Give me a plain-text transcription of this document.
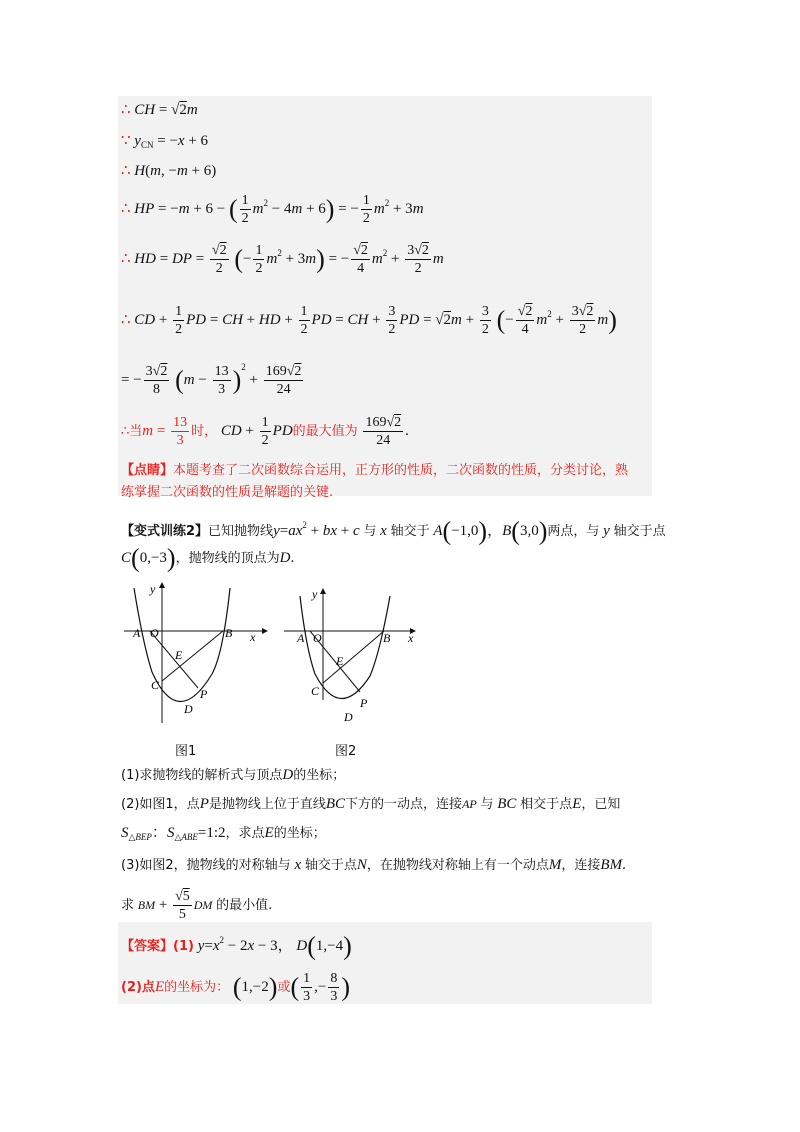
∴ CH = √2m
∵ $y_{CN} = -x + 6$
∴ H(m, −m + 6)
∴ HP = −m + 6 − ( $\frac{1}{2} m^2 - 4m + 6$) = − $\frac{1}{2} m^2 + 3m$
∴ HD = DP = $\frac{√2}{2}$ (− $\frac{1}{2} m^2 + 3m$) = − $\frac{√2}{4} m^2 + \frac{3√2}{2}$ m
∴ CD + $\frac{1}{2}$ PD = CH + HD + $\frac{1}{2}$ PD = CH + $\frac{3}{2}$ PD = $√2m + \frac{3}{2}$ (− $\frac{√2}{4} m^2 + \frac{3√2}{2} m$)
= − $\frac{3√2}{8} (m - \frac{13}{3} )^2 + \frac{169√2}{24}$
∴当$m = \frac{13}{3}$ 时， CD + $\frac{1}{2}$ PD的最大值为 $\frac{169√2}{24}$ .
【点睛】本题考查了二次函数综合运用，正方形的性质，二次函数的性质，分类讨论，熟
练掌握二次函数的性质是解题的关键.
【变式训练2】已知抛物线$y=ax^2$ + bx + c 与 x 轴交于 A(−1,0)，B(3,0)两点，与 y 轴交于点
C(0,−3)，抛物线的顶点为D.
y
x
A O	B
E
C
P
D
图1
y
x
A O	B
E
C
P
D
图2
(1)求抛物线的解析式与顶点D的坐标；
(2)如图1，点P是抛物线上位于直线BC下方的一动点，连接AP 与 BC 相交于点E，已知
$S_{\triangle BEP}$：$S_{\triangle ABE}=1:2$，求点E的坐标；
(3)如图2，抛物线的对称轴与 x 轴交于点N，在抛物线对称轴上有一个动点M，连接BM.
求 BM + $\frac{√5}{5}$ DM 的最小值.
【答案】(1) $y=x^2 - 2x - 3$， D(1,−4)
(2)点E的坐标为： (1,−2)或( $\frac{1}{3}$ ,− $\frac{8}{3}$ )
